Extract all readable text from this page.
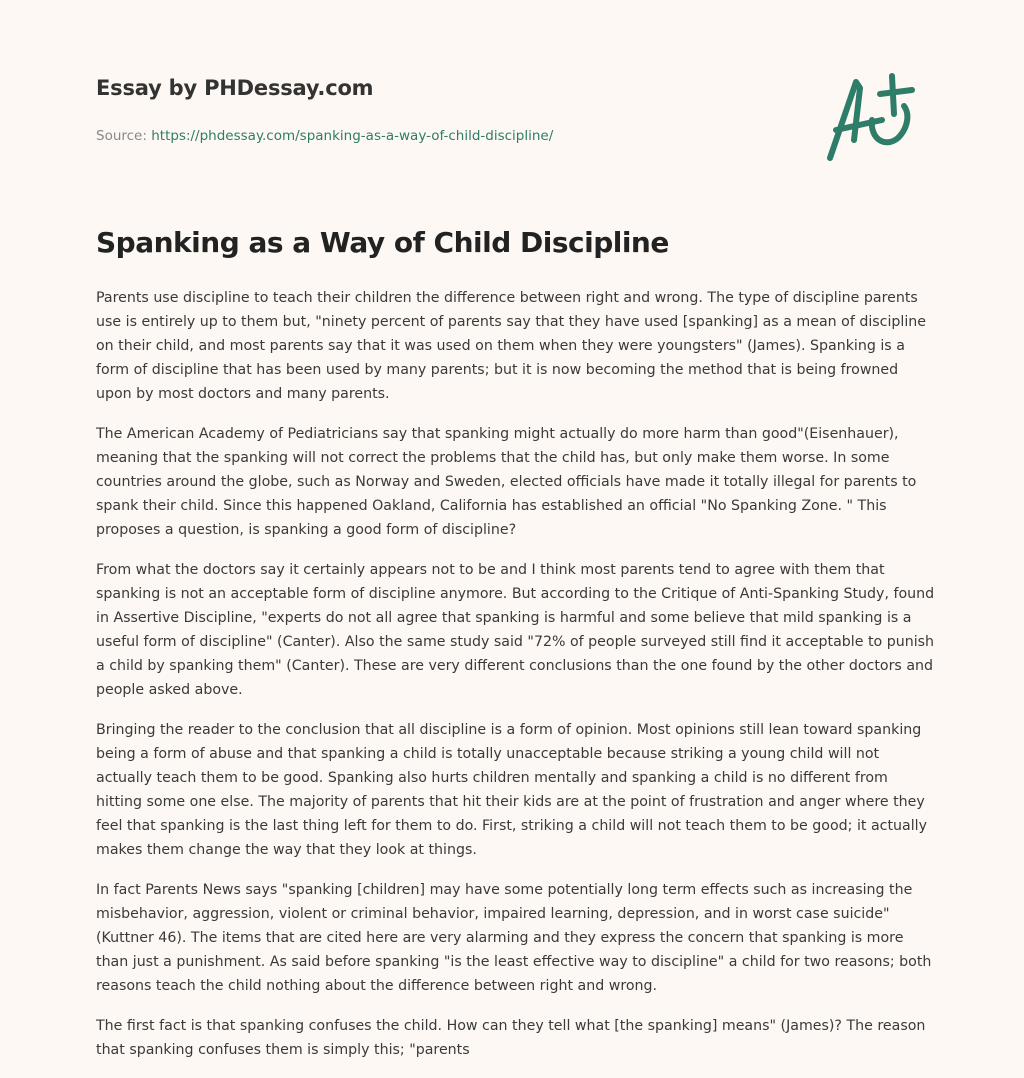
Essay by PHDessay.com
Source: https://phdessay.com/spanking-as-a-way-of-child-discipline/
Spanking as a Way of Child Discipline

Parents use discipline to teach their children the difference between right and wrong. The type of discipline parents use is entirely up to them but, "ninety percent of parents say that they have used [spanking] as a mean of discipline on their child, and most parents say that it was used on them when they were youngsters" (James). Spanking is a form of discipline that has been used by many parents; but it is now becoming the method that is being frowned upon by most doctors and many parents.

The American Academy of Pediatricians say that spanking might actually do more harm than good"(Eisenhauer), meaning that the spanking will not correct the problems that the child has, but only make them worse. In some countries around the globe, such as Norway and Sweden, elected officials have made it totally illegal for parents to spank their child. Since this happened Oakland, California has established an official "No Spanking Zone. " This proposes a question, is spanking a good form of discipline?

From what the doctors say it certainly appears not to be and I think most parents tend to agree with them that spanking is not an acceptable form of discipline anymore. But according to the Critique of Anti-Spanking Study, found in Assertive Discipline, "experts do not all agree that spanking is harmful and some believe that mild spanking is a useful form of discipline" (Canter). Also the same study said "72% of people surveyed still find it acceptable to punish a child by spanking them" (Canter). These are very different conclusions than the one found by the other doctors and people asked above.

Bringing the reader to the conclusion that all discipline is a form of opinion. Most opinions still lean toward spanking being a form of abuse and that spanking a child is totally unacceptable because striking a young child will not actually teach them to be good. Spanking also hurts children mentally and spanking a child is no different from hitting some one else. The majority of parents that hit their kids are at the point of frustration and anger where they feel that spanking is the last thing left for them to do. First, striking a child will not teach them to be good; it actually makes them change the way that they look at things.

In fact Parents News says "spanking [children] may have some potentially long term effects such as increasing the misbehavior, aggression, violent or criminal behavior, impaired learning, depression, and in worst case suicide" (Kuttner 46). The items that are cited here are very alarming and they express the concern that spanking is more than just a punishment. As said before spanking "is the least effective way to discipline" a child for two reasons; both reasons teach the child nothing about the difference between right and wrong.

The first fact is that spanking confuses the child. How can they tell what [the spanking] means" (James)? The reason that spanking confuses them is simply this; "parents
